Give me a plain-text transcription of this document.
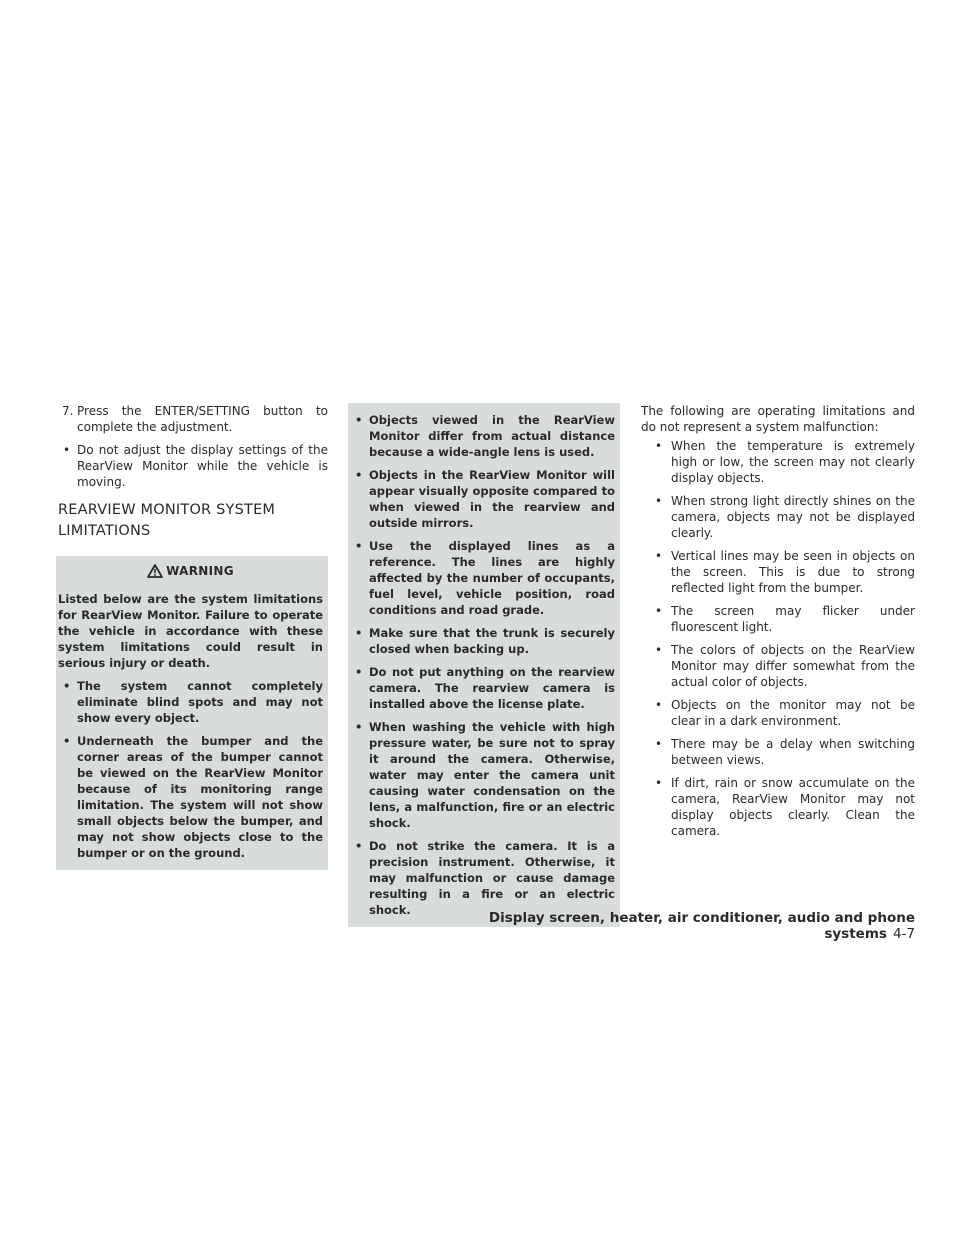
7. Press the ENTER/SETTING button to complete the adjustment.

• Do not adjust the display settings of the RearView Monitor while the vehicle is moving.

REARVIEW MONITOR SYSTEM
LIMITATIONS
WARNING

Listed below are the system limitations for RearView Monitor. Failure to operate the vehicle in accordance with these system limitations could result in serious injury or death.

• The system cannot completely eliminate blind spots and may not show every object.

• Underneath the bumper and the corner areas of the bumper cannot be viewed on the RearView Monitor because of its monitoring range limitation. The system will not show small objects below the bumper, and may not show objects close to the bumper or on the ground.

• Objects viewed in the RearView Monitor differ from actual distance because a wide-angle lens is used.

• Objects in the RearView Monitor will appear visually opposite compared to when viewed in the rearview and outside mirrors.

• Use the displayed lines as a reference. The lines are highly affected by the number of occupants, fuel level, vehicle position, road conditions and road grade.

• Make sure that the trunk is securely closed when backing up.

• Do not put anything on the rearview camera. The rearview camera is installed above the license plate.

• When washing the vehicle with high pressure water, be sure not to spray it around the camera. Otherwise, water may enter the camera unit causing water condensation on the lens, a malfunction, fire or an electric shock.

• Do not strike the camera. It is a precision instrument. Otherwise, it may malfunction or cause damage resulting in a fire or an electric shock.

The following are operating limitations and do not represent a system malfunction:

• When the temperature is extremely high or low, the screen may not clearly display objects.

• When strong light directly shines on the camera, objects may not be displayed clearly.

• Vertical lines may be seen in objects on the screen. This is due to strong reflected light from the bumper.

• The screen may flicker under fluorescent light.

• The colors of objects on the RearView Monitor may differ somewhat from the actual color of objects.

• Objects on the monitor may not be clear in a dark environment.

• There may be a delay when switching between views.

• If dirt, rain or snow accumulate on the camera, RearView Monitor may not display objects clearly. Clean the camera.

Display screen, heater, air conditioner, audio and phone systems 4-7
